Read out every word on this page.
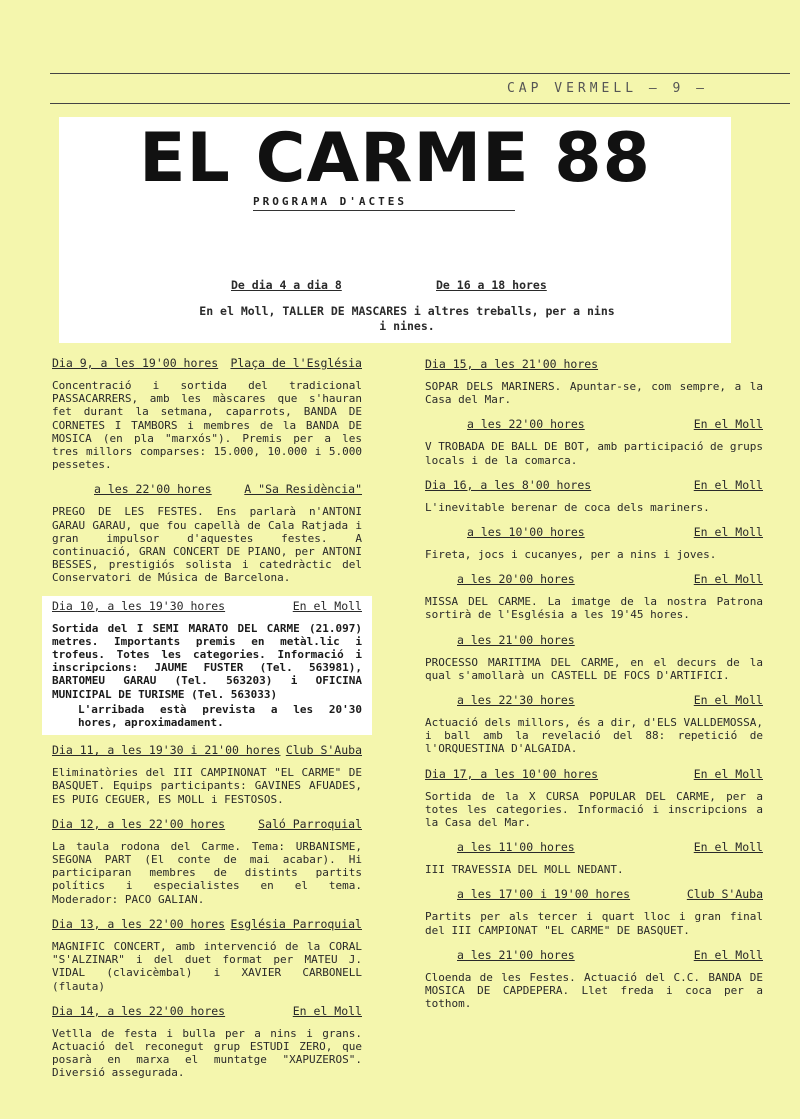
CAP VERMELL — 9 —
EL CARME 88
PROGRAMA D'ACTES
De dia 4 a dia 8	De 16 a 18 hores
En el Moll, TALLER DE MASCARES i altres treballs, per a nins i nines.
Dia 9, a les 19'00 hores Plaça de l'Església
Concentració i sortida del tradicional PASSACARRERS, amb les màscares que s'hauran fet durant la setmana, caparrots, BANDA DE CORNETES I TAMBORS i membres de la BANDA DE MOSICA (en pla "marxós"). Premis per a les tres millors comparses: 15.000, 10.000 i 5.000 pessetes.
a les 22'00 hores	A "Sa Residència"
PREGO DE LES FESTES. Ens parlarà n'ANTONI GARAU GARAU, que fou capellà de Cala Ratjada i gran impulsor d'aquestes festes. A continuació, GRAN CONCERT DE PIANO, per ANTONI BESSES, prestigiós solista i catedràctic del Conservatori de Música de Barcelona.
Dia 10, a les 19'30 hores	En el Moll
Sortida del I SEMI MARATO DEL CARME (21.097) metres. Importants premis en metàl.lic i trofeus. Totes les categories. Informació i inscripcions: JAUME FUSTER (Tel. 563981), BARTOMEU GARAU (Tel. 563203) i OFICINA MUNICIPAL DE TURISME (Tel. 563033)
L'arribada està prevista a les 20'30 hores, aproximadament.
Dia 11, a les 19'30 i 21'00 hores Club S'Auba
Eliminatòries del III CAMPINONAT "EL CARME" DE BASQUET. Equips participants: GAVINES AFUADES, ES PUIG CEGUER, ES MOLL i FESTOSOS.
Dia 12, a les 22'00 hores	Saló Parroquial
La taula rodona del Carme. Tema: URBANISME, SEGONA PART (El conte de mai acabar). Hi participaran membres de distints partits polítics i especialistes en el tema. Moderador: PACO GALIAN.
Dia 13, a les 22'00 hores Església Parroquial
MAGNIFIC CONCERT, amb intervenció de la CORAL "S'ALZINAR" i del duet format per MATEU J. VIDAL (clavicèmbal) i XAVIER CARBONELL (flauta)
Dia 14, a les 22'00 hores	En el Moll
Vetlla de festa i bulla per a nins i grans. Actuació del reconegut grup ESTUDI ZERO, que posarà en marxa el muntatge "XAPUZEROS". Diversió assegurada.
Dia 15, a les 21'00 hores
SOPAR DELS MARINERS. Apuntar-se, com sempre, a la Casa del Mar.
a les 22'00 hores	En el Moll
V TROBADA DE BALL DE BOT, amb participació de grups locals i de la comarca.
Dia 16, a les 8'00 hores	En el Moll
L'inevitable berenar de coca dels mariners.
a les 10'00 hores	En el Moll
Fireta, jocs i cucanyes, per a nins i joves.
a les 20'00 hores	En el Moll
MISSA DEL CARME. La imatge de la nostra Patrona sortirà de l'Església a les 19'45 hores.
a les 21'00 hores
PROCESSO MARITIMA DEL CARME, en el decurs de la qual s'amollarà un CASTELL DE FOCS D'ARTIFICI.
a les 22'30 hores	En el Moll
Actuació dels millors, és a dir, d'ELS VALLDEMOSSA, i ball amb la revelació del 88: repetició de l'ORQUESTINA D'ALGAIDA.
Dia 17, a les 10'00 hores	En el Moll
Sortida de la X CURSA POPULAR DEL CARME, per a totes les categories. Informació i inscripcions a la Casa del Mar.
a les 11'00 hores	En el Moll
III TRAVESSIA DEL MOLL NEDANT.
a les 17'00 i 19'00 hores	Club S'Auba
Partits per als tercer i quart lloc i gran final del III CAMPIONAT "EL CARME" DE BASQUET.
a les 21'00 hores	En el Moll
Cloenda de les Festes. Actuació del C.C. BANDA DE MOSICA DE CAPDEPERA. Llet freda i coca per a tothom.
